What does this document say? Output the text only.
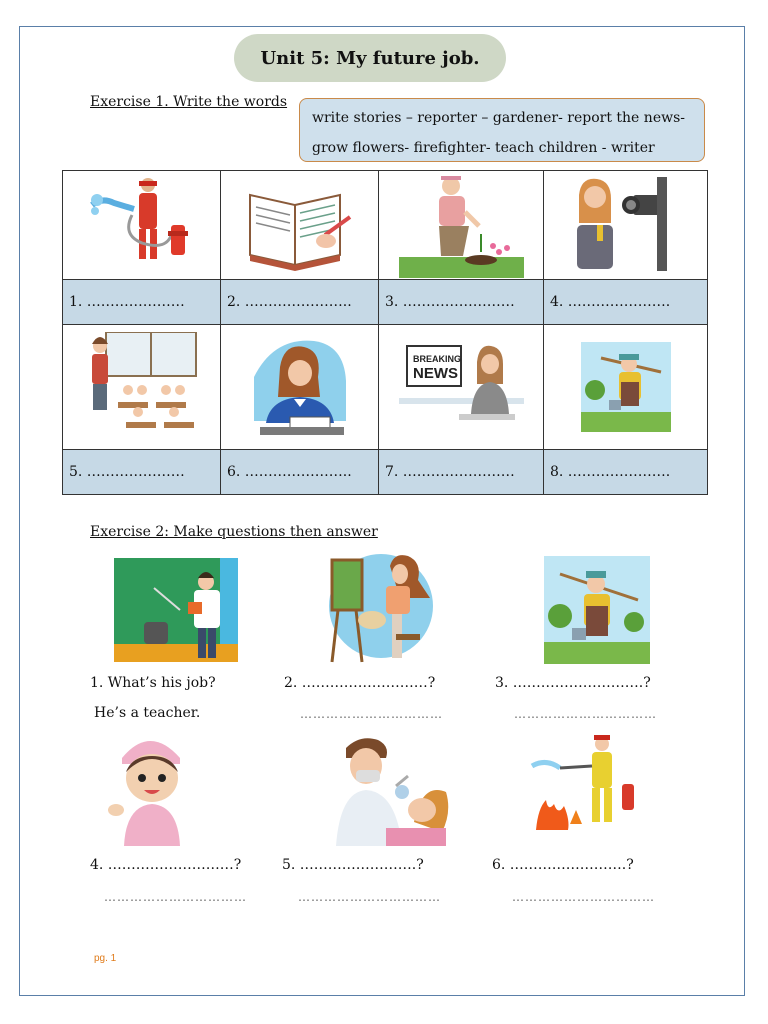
Unit 5: My future job.
Exercise 1. Write the words
write stories – reporter – gardener- report the news-
grow flowers- firefighter- teach children - writer

1. …………………	2. …………………..	3. ……………………	4. ………………….

BREAKING
NEWS

5. …………………	6. …………………..	7. ……………………	8. ………………….
Exercise 2: Make questions then answer
1. What’s his job?	2. ………………………?	3. ……………………….?
He’s a teacher.	……………………………	……………………………
4. ………………………?	5. …………………….?	6. …………………….?
……………………………	……………………………	……………………………
pg. 1
